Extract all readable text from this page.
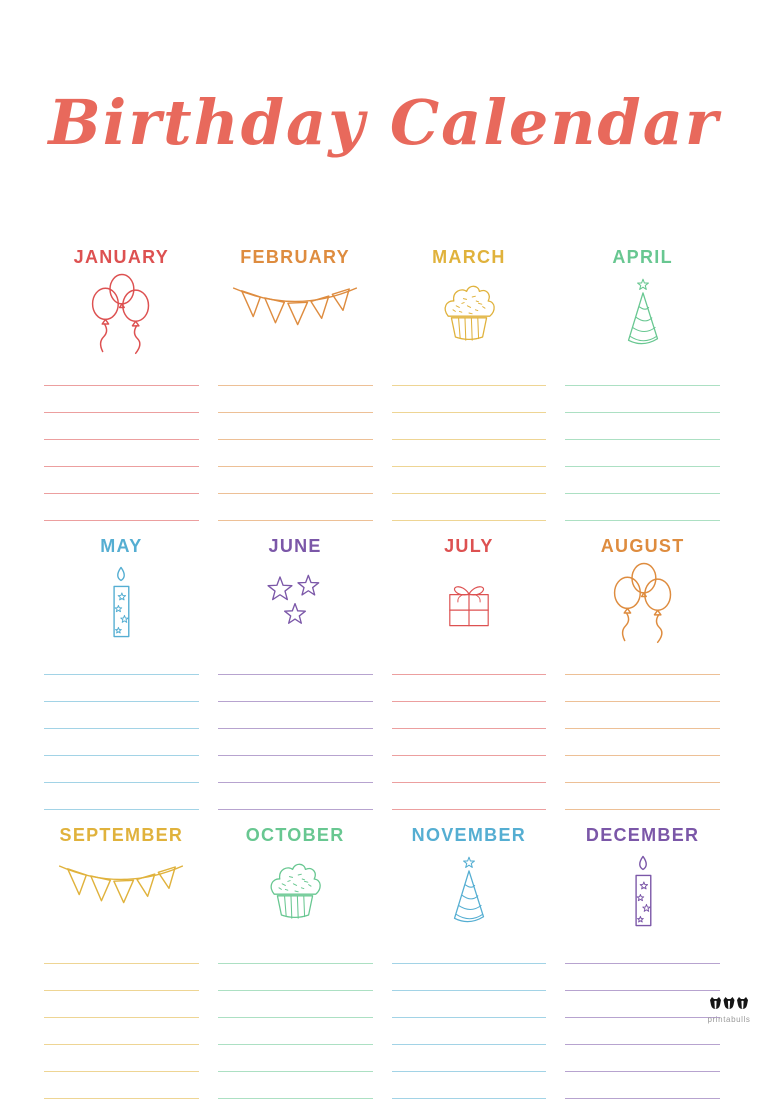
Birthday Calendar
JANUARY	FEBRUARY	MARCH	APRIL
MAY	JUNE	JULY	AUGUST
SEPTEMBER	OCTOBER	NOVEMBER	DECEMBER
printabulls
